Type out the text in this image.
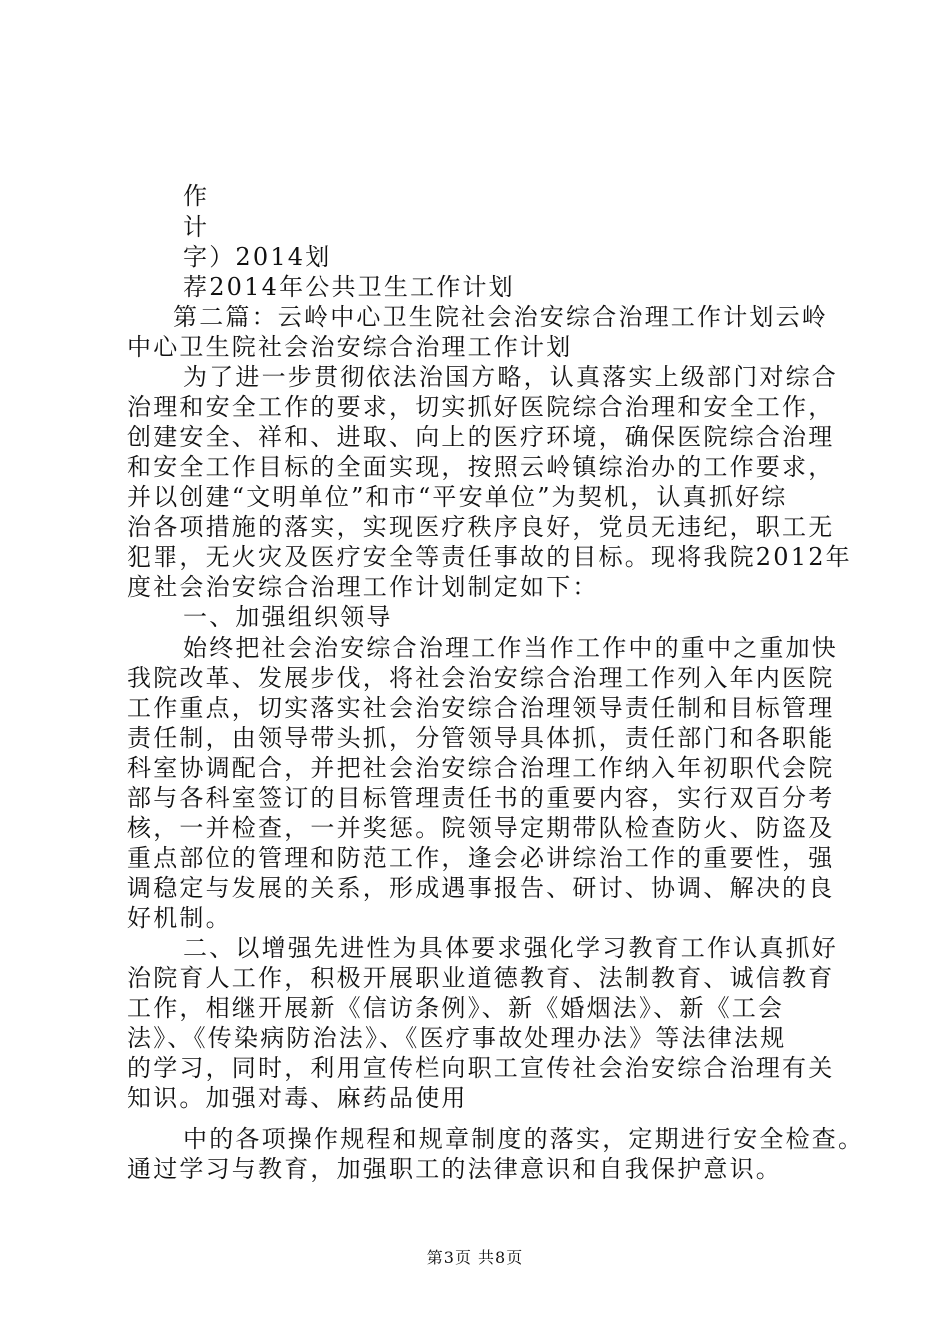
作

计

字）2014划

荐2014年公共卫生工作计划

第二篇：云岭中心卫生院社会治安综合治理工作计划云岭

中心卫生院社会治安综合治理工作计划

为了进一步贯彻依法治国方略，认真落实上级部门对综合

治理和安全工作的要求，切实抓好医院综合治理和安全工作，

创建安全、祥和、进取、向上的医疗环境，确保医院综合治理

和安全工作目标的全面实现，按照云岭镇综治办的工作要求，

并以创建“文明单位”和市“平安单位”为契机，认真抓好综

治各项措施的落实，实现医疗秩序良好，党员无违纪，职工无

犯罪，无火灾及医疗安全等责任事故的目标。现将我院2012年

度社会治安综合治理工作计划制定如下：

一、加强组织领导

始终把社会治安综合治理工作当作工作中的重中之重加快

我院改革、发展步伐，将社会治安综合治理工作列入年内医院

工作重点，切实落实社会治安综合治理领导责任制和目标管理

责任制，由领导带头抓，分管领导具体抓，责任部门和各职能

科室协调配合，并把社会治安综合治理工作纳入年初职代会院

部与各科室签订的目标管理责任书的重要内容，实行双百分考

核，一并检查，一并奖惩。院领导定期带队检查防火、防盗及

重点部位的管理和防范工作，逢会必讲综治工作的重要性，强

调稳定与发展的关系，形成遇事报告、研讨、协调、解决的良

好机制。

二、以增强先进性为具体要求强化学习教育工作认真抓好

治院育人工作，积极开展职业道德教育、法制教育、诚信教育

工作，相继开展新《信访条例》、新《婚烟法》、新《工会

法》、《传染病防治法》、《医疗事故处理办法》等法律法规

的学习，同时，利用宣传栏向职工宣传社会治安综合治理有关

知识。加强对毒、麻药品使用

中的各项操作规程和规章制度的落实，定期进行安全检查。

通过学习与教育，加强职工的法律意识和自我保护意识。

第3页 共8页
